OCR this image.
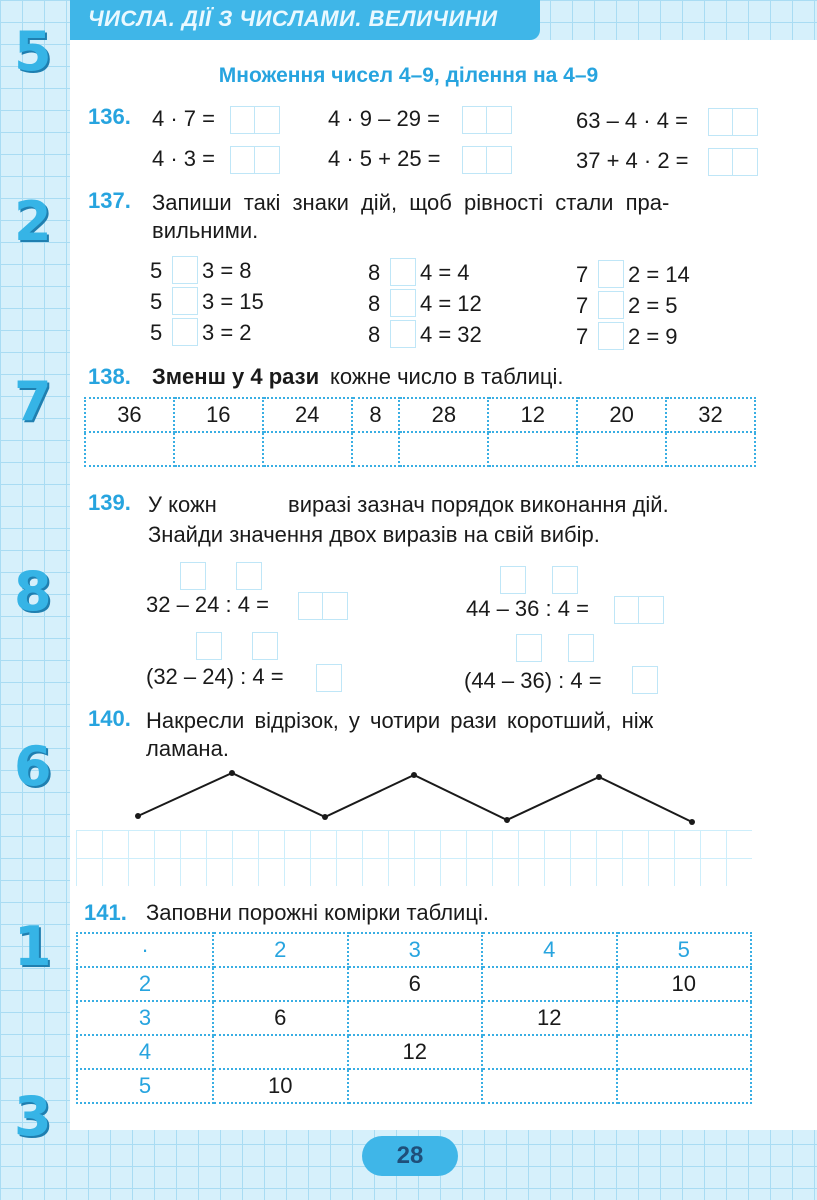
ЧИСЛА. ДІЇ З ЧИСЛАМИ. ВЕЛИЧИНИ
5
2
7
8
6
1
3
Множення чисел 4–9, ділення на 4–9
136. 4 · 7 =	4 · 9 – 29 =	63 – 4 · 4 =
4 · 3 =	4 · 5 + 25 =	37 + 4 · 2 =
137. Запиши такі знаки дій, щоб рівності стали пра-
вильними.
5 3 = 8
5 3 = 15
5 3 = 2
8 4 = 4
8 4 = 12
8 4 = 32
7 2 = 14
7 2 = 5
7 2 = 9
138. Зменш у 4 рази кожне число в таблиці.
36	16	24	8	28	12	20	32

139. У кожн	виразі зазнач порядок виконання дій.
Знайди значення двох виразів на свій вибір.
32 – 24 : 4 =	44 – 36 : 4 =
(32 – 24) : 4 =	(44 – 36) : 4 =
140. Накресли відрізок, у чотири рази коротший, ніж
ламана.
141. Заповни порожні комірки таблиці.
·	2	3	4	5
2		6		10
3	6		12	
4		12		
5	10			
28
